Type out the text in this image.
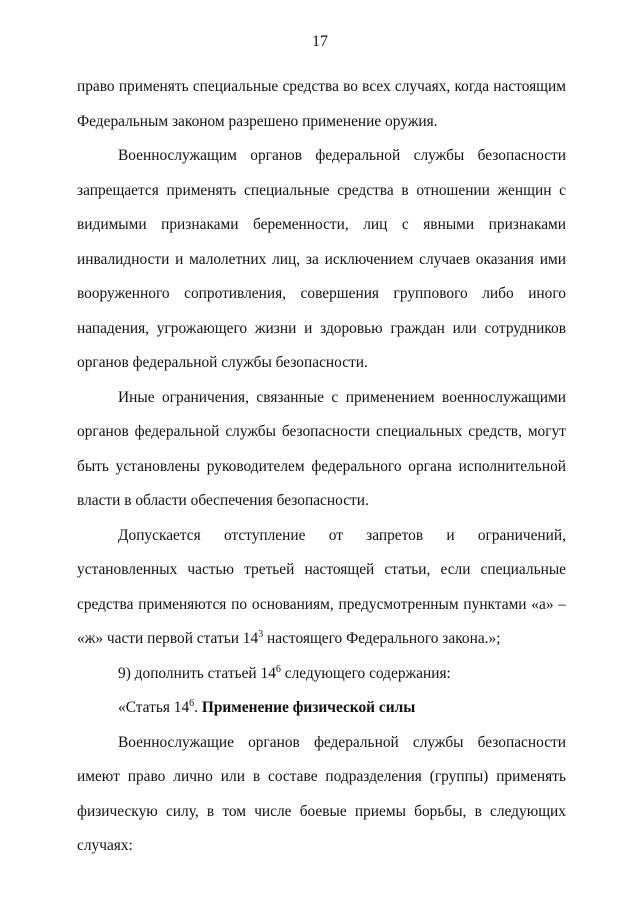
17

право применять специальные средства во всех случаях, когда настоящим Федеральным законом разрешено применение оружия.

Военнослужащим органов федеральной службы безопасности запрещается применять специальные средства в отношении женщин с видимыми признаками беременности, лиц с явными признаками инвалидности и малолетних лиц, за исключением случаев оказания ими вооруженного сопротивления, совершения группового либо иного нападения, угрожающего жизни и здоровью граждан или сотрудников органов федеральной службы безопасности.

Иные ограничения, связанные с применением военнослужащими органов федеральной службы безопасности специальных средств, могут быть установлены руководителем федерального органа исполнительной власти в области обеспечения безопасности.

Допускается отступление от запретов и ограничений, установленных частью третьей настоящей статьи, если специальные средства применяются по основаниям, предусмотренным пунктами «а» – «ж» части первой статьи $14^3$ настоящего Федерального закона.»;

9) дополнить статьей $14^6$ следующего содержания:

«Статья $14^6$. Применение физической силы

Военнослужащие органов федеральной службы безопасности имеют право лично или в составе подразделения (группы) применять физическую силу, в том числе боевые приемы борьбы, в следующих случаях:
